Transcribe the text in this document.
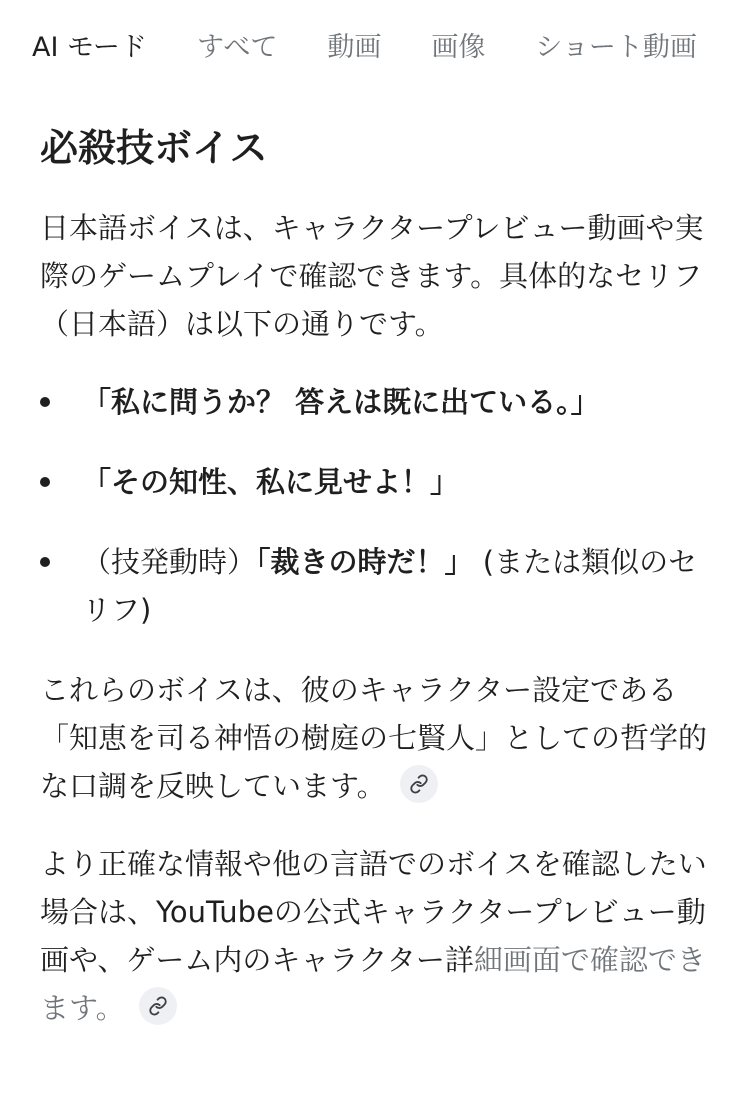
AI モード すべて 動画 画像 ショート動画
必殺技ボイス

日本語ボイスは、キャラクタープレビュー動画や実際のゲームプレイで確認できます。具体的なセリフ（日本語）は以下の通りです。

「私に問うか？ 答えは既に出ている。」
「その知性、私に見せよ！」
（技発動時）「裁きの時だ！」 (または類似のセリフ)

これらのボイスは、彼のキャラクター設定である「知恵を司る神悟の樹庭の七賢人」としての哲学的な口調を反映しています。

より正確な情報や他の言語でのボイスを確認したい場合は、YouTubeの公式キャラクタープレビュー動画や、ゲーム内のキャラクター詳細画面で確認できます。
